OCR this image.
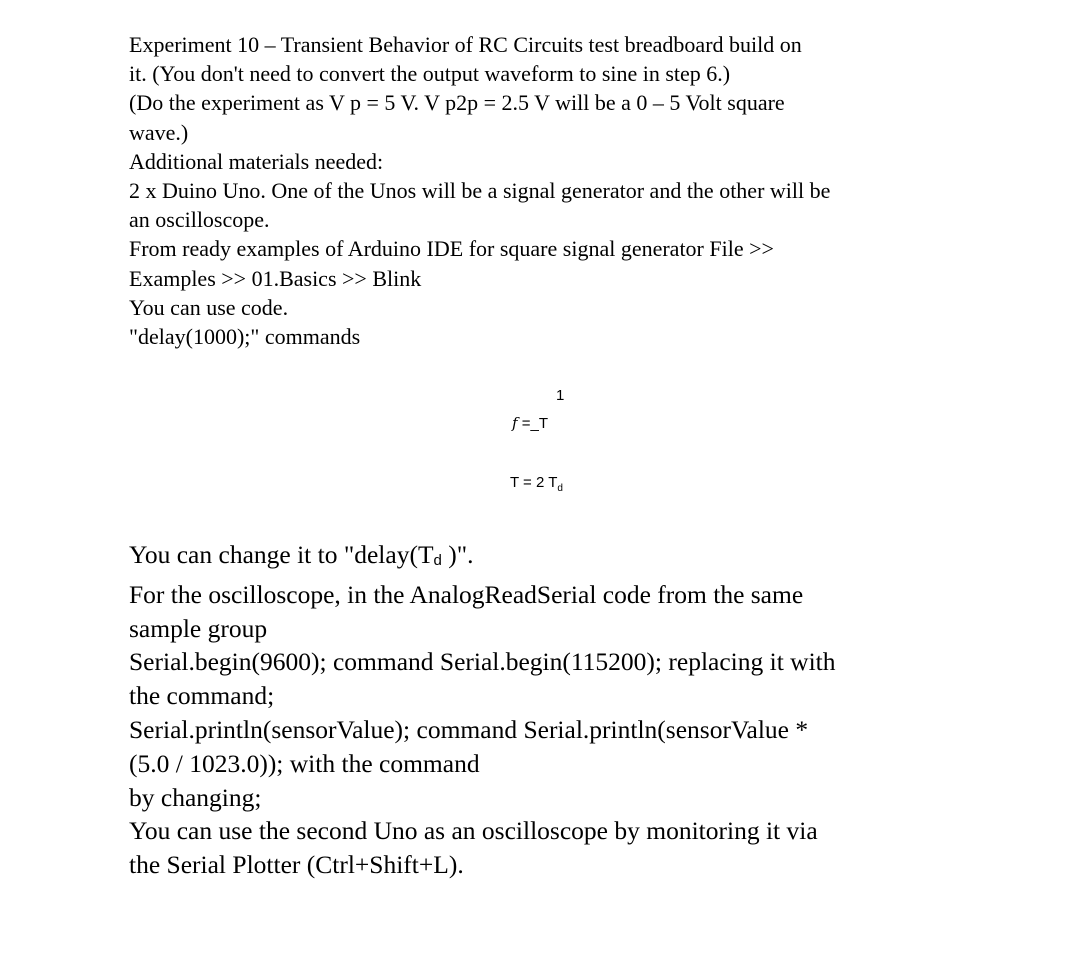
Experiment 10 – Transient Behavior of RC Circuits test breadboard build on
it. (You don't need to convert the output waveform to sine in step 6.)
(Do the experiment as V p = 5 V. V p2p = 2.5 V will be a 0 – 5 Volt square
wave.)
Additional materials needed:
2 x Duino Uno. One of the Unos will be a signal generator and the other will be
an oscilloscope.
From ready examples of Arduino IDE for square signal generator File >>
Examples >> 01.Basics >> Blink
You can use code.
"delay(1000);" commands
1
f =_T
T = 2 $T_d$
You can change it to "delay(Td )".
For the oscilloscope, in the AnalogReadSerial code from the same
sample group
Serial.begin(9600); command Serial.begin(115200); replacing it with
the command;
Serial.println(sensorValue); command Serial.println(sensorValue *
(5.0 / 1023.0)); with the command
by changing;
You can use the second Uno as an oscilloscope by monitoring it via
the Serial Plotter (Ctrl+Shift+L).
